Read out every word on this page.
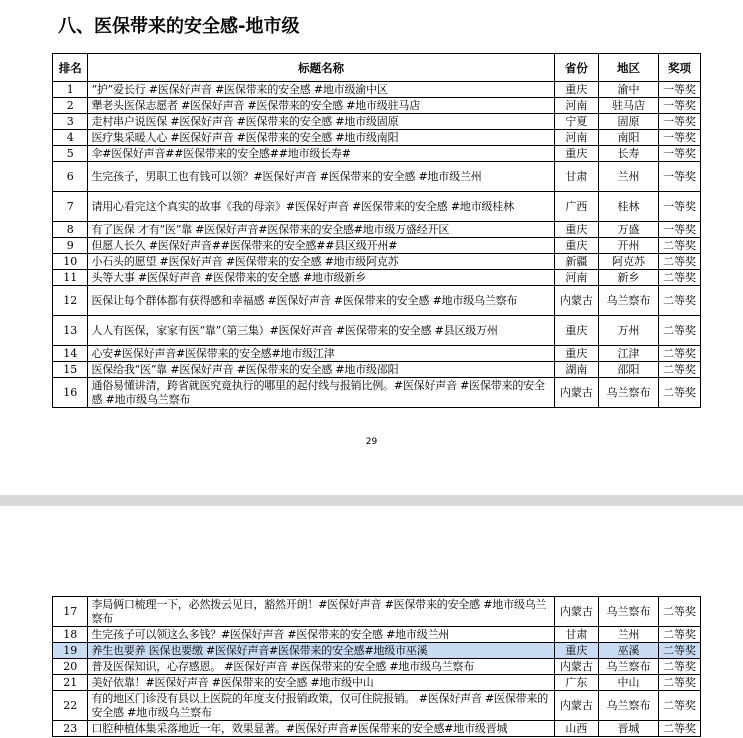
八、医保带来的安全感-地市级
排名	标题名称	省份	地区	奖项
1	“护”爱长行 #医保好声音 #医保带来的安全感 #地市级渝中区	重庆	渝中	一等奖
2	犟老头医保志愿者 #医保好声音 #医保带来的安全感 #地市级驻马店	河南	驻马店	一等奖
3	走村串户说医保 #医保好声音 #医保带来的安全感 #地市级固原	宁夏	固原	一等奖
4	医疗集采暖人心 #医保好声音 #医保带来的安全感 #地市级南阳	河南	南阳	一等奖
5	伞#医保好声音##医保带来的安全感##地市级长寿#	重庆	长寿	一等奖
6	生完孩子，男职工也有钱可以领？#医保好声音 #医保带来的安全感 #地市级兰州	甘肃	兰州	一等奖
7	请用心看完这个真实的故事《我的母亲》#医保好声音 #医保带来的安全感 #地市级桂林	广西	桂林	一等奖
8	有了医保 才有“医”靠 #医保好声音#医保带来的安全感#地市级万盛经开区	重庆	万盛	一等奖
9	但愿人长久 #医保好声音##医保带来的安全感##县区级开州#	重庆	开州	二等奖
10	小石头的愿望 #医保好声音 #医保带来的安全感 #地市级阿克苏	新疆	阿克苏	二等奖
11	头等大事 #医保好声音 #医保带来的安全感 #地市级新乡	河南	新乡	二等奖
12	医保让每个群体都有获得感和幸福感 #医保好声音 #医保带来的安全感 #地市级乌兰察布	内蒙古	乌兰察布	二等奖
13	人人有医保，家家有医“靠”（第三集）#医保好声音 #医保带来的安全感 #县区级万州	重庆	万州	二等奖
14	心安#医保好声音#医保带来的安全感#地市级江津	重庆	江津	二等奖
15	医保给我“医”靠 #医保好声音 #医保带来的安全感 #地市级邵阳	湖南	邵阳	二等奖
16	通俗易懂讲清，跨省就医究竟执行的哪里的起付线与报销比例。#医保好声音 #医保带来的安全感 #地市级乌兰察布	内蒙古	乌兰察布	二等奖
29
17	李局俩口梳理一下，必然拨云见日，豁然开朗！#医保好声音 #医保带来的安全感 #地市级乌兰察布	内蒙古	乌兰察布	二等奖
18	生完孩子可以领这么多钱？#医保好声音 #医保带来的安全感 #地市级兰州	甘肃	兰州	二等奖
19	养生也要养 医保也要缴 #医保好声音#医保带来的安全感#地级市巫溪	重庆	巫溪	二等奖
20	普及医保知识，心存感恩。 #医保好声音 #医保带来的安全感 #地市级乌兰察布	内蒙古	乌兰察布	二等奖
21	美好依靠！#医保好声音 #医保带来的安全感 #地市级中山	广东	中山	二等奖
22	有的地区门诊没有县以上医院的年度支付报销政策，仅可住院报销。 #医保好声音 #医保带来的安全感 #地市级乌兰察布	内蒙古	乌兰察布	二等奖
23	口腔种植体集采落地近一年，效果显著。#医保好声音#医保带来的安全感#地市级晋城	山西	晋城	二等奖
